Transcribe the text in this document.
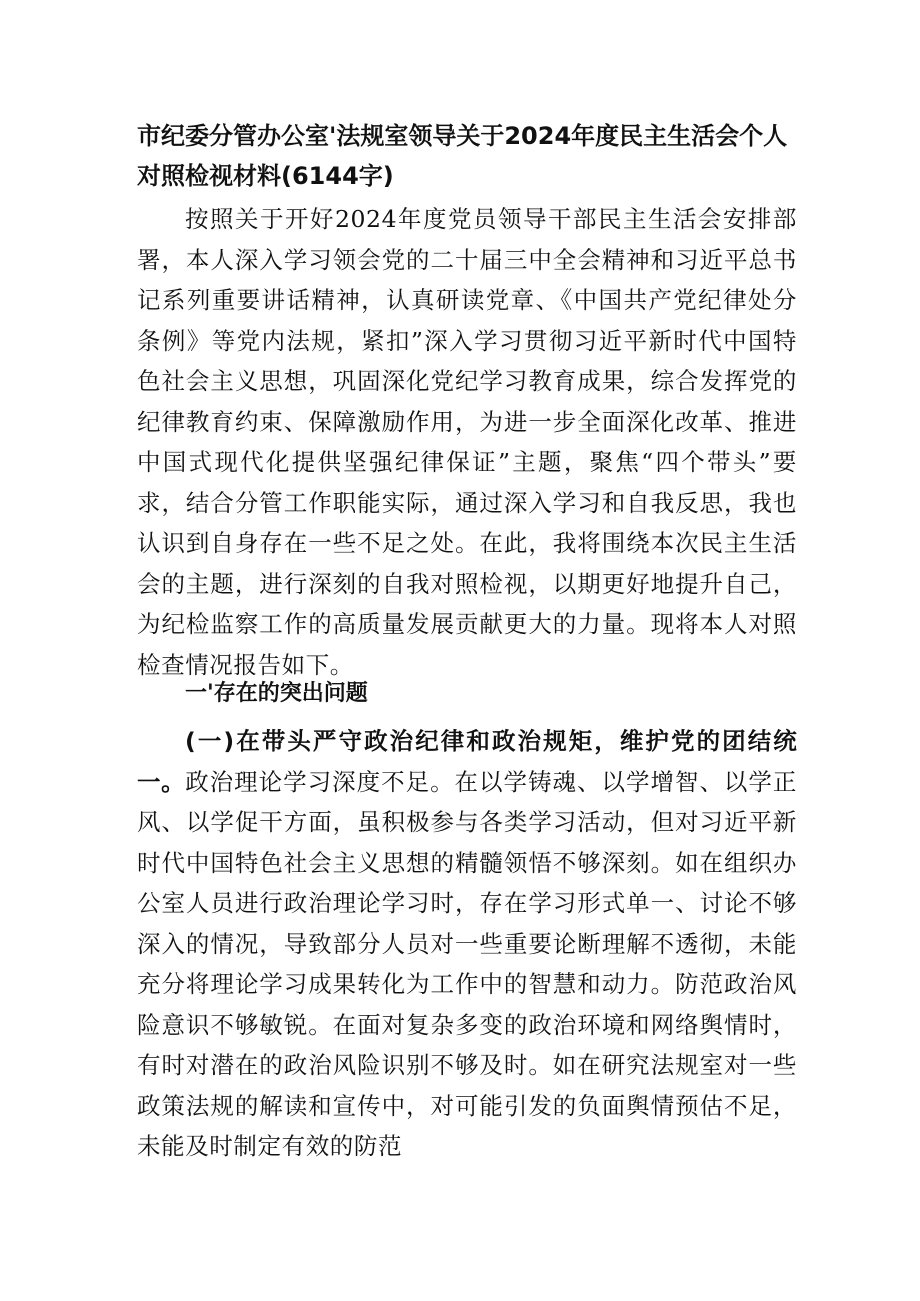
市纪委分管办公室'法规室领导关于2024年度民主生活会个人对照检视材料(6144字)

按照关于开好2024年度党员领导干部民主生活会安排部署，本人深入学习领会党的二十届三中全会精神和习近平总书记系列重要讲话精神，认真研读党章、《中国共产党纪律处分条例》等党内法规，紧扣”深入学习贯彻习近平新时代中国特色社会主义思想，巩固深化党纪学习教育成果，综合发挥党的纪律教育约束、保障激励作用，为进一步全面深化改革、推进中国式现代化提供坚强纪律保证”主题，聚焦“四个带头”要求，结合分管工作职能实际，通过深入学习和自我反思，我也认识到自身存在一些不足之处。在此，我将围绕本次民主生活会的主题，进行深刻的自我对照检视，以期更好地提升自己，为纪检监察工作的高质量发展贡献更大的力量。现将本人对照检查情况报告如下。

一'存在的突出问题

(一)在带头严守政治纪律和政治规矩，维护党的团结统一。政治理论学习深度不足。在以学铸魂、以学增智、以学正风、以学促干方面，虽积极参与各类学习活动，但对习近平新时代中国特色社会主义思想的精髓领悟不够深刻。如在组织办公室人员进行政治理论学习时，存在学习形式单一、讨论不够深入的情况，导致部分人员对一些重要论断理解不透彻，未能充分将理论学习成果转化为工作中的智慧和动力。防范政治风险意识不够敏锐。在面对复杂多变的政治环境和网络舆情时，有时对潜在的政治风险识别不够及时。如在研究法规室对一些政策法规的解读和宣传中，对可能引发的负面舆情预估不足，未能及时制定有效的防范
